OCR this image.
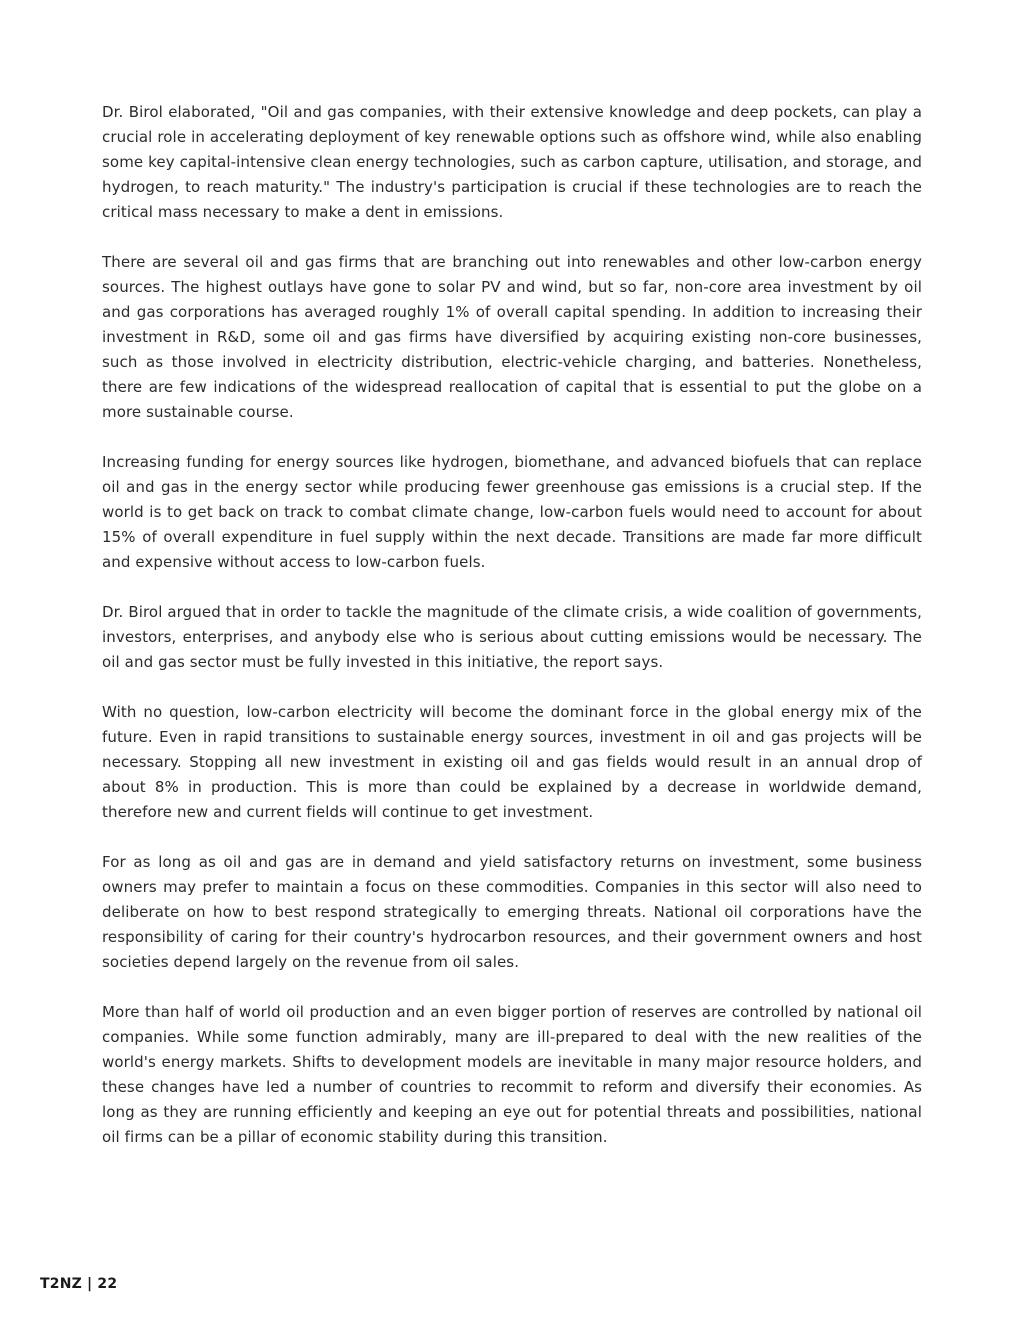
Dr. Birol elaborated, "Oil and gas companies, with their extensive knowledge and deep pockets, can play a crucial role in accelerating deployment of key renewable options such as offshore wind, while also enabling some key capital-intensive clean energy technologies, such as carbon capture, utilisation, and storage, and hydrogen, to reach maturity." The industry's participation is crucial if these technologies are to reach the critical mass necessary to make a dent in emissions.

There are several oil and gas firms that are branching out into renewables and other low-carbon energy sources. The highest outlays have gone to solar PV and wind, but so far, non-core area investment by oil and gas corporations has averaged roughly 1% of overall capital spending. In addition to increasing their investment in R&D, some oil and gas firms have diversified by acquiring existing non-core businesses, such as those involved in electricity distribution, electric-vehicle charging, and batteries. Nonetheless, there are few indications of the widespread reallocation of capital that is essential to put the globe on a more sustainable course.

Increasing funding for energy sources like hydrogen, biomethane, and advanced biofuels that can replace oil and gas in the energy sector while producing fewer greenhouse gas emissions is a crucial step. If the world is to get back on track to combat climate change, low-carbon fuels would need to account for about 15% of overall expenditure in fuel supply within the next decade. Transitions are made far more difficult and expensive without access to low-carbon fuels.

Dr. Birol argued that in order to tackle the magnitude of the climate crisis, a wide coalition of governments, investors, enterprises, and anybody else who is serious about cutting emissions would be necessary. The oil and gas sector must be fully invested in this initiative, the report says.

With no question, low-carbon electricity will become the dominant force in the global energy mix of the future. Even in rapid transitions to sustainable energy sources, investment in oil and gas projects will be necessary. Stopping all new investment in existing oil and gas fields would result in an annual drop of about 8% in production. This is more than could be explained by a decrease in worldwide demand, therefore new and current fields will continue to get investment.

For as long as oil and gas are in demand and yield satisfactory returns on investment, some business owners may prefer to maintain a focus on these commodities. Companies in this sector will also need to deliberate on how to best respond strategically to emerging threats. National oil corporations have the responsibility of caring for their country's hydrocarbon resources, and their government owners and host societies depend largely on the revenue from oil sales.

More than half of world oil production and an even bigger portion of reserves are controlled by national oil companies. While some function admirably, many are ill-prepared to deal with the new realities of the world's energy markets. Shifts to development models are inevitable in many major resource holders, and these changes have led a number of countries to recommit to reform and diversify their economies. As long as they are running efficiently and keeping an eye out for potential threats and possibilities, national oil firms can be a pillar of economic stability during this transition.

T2NZ | 22
